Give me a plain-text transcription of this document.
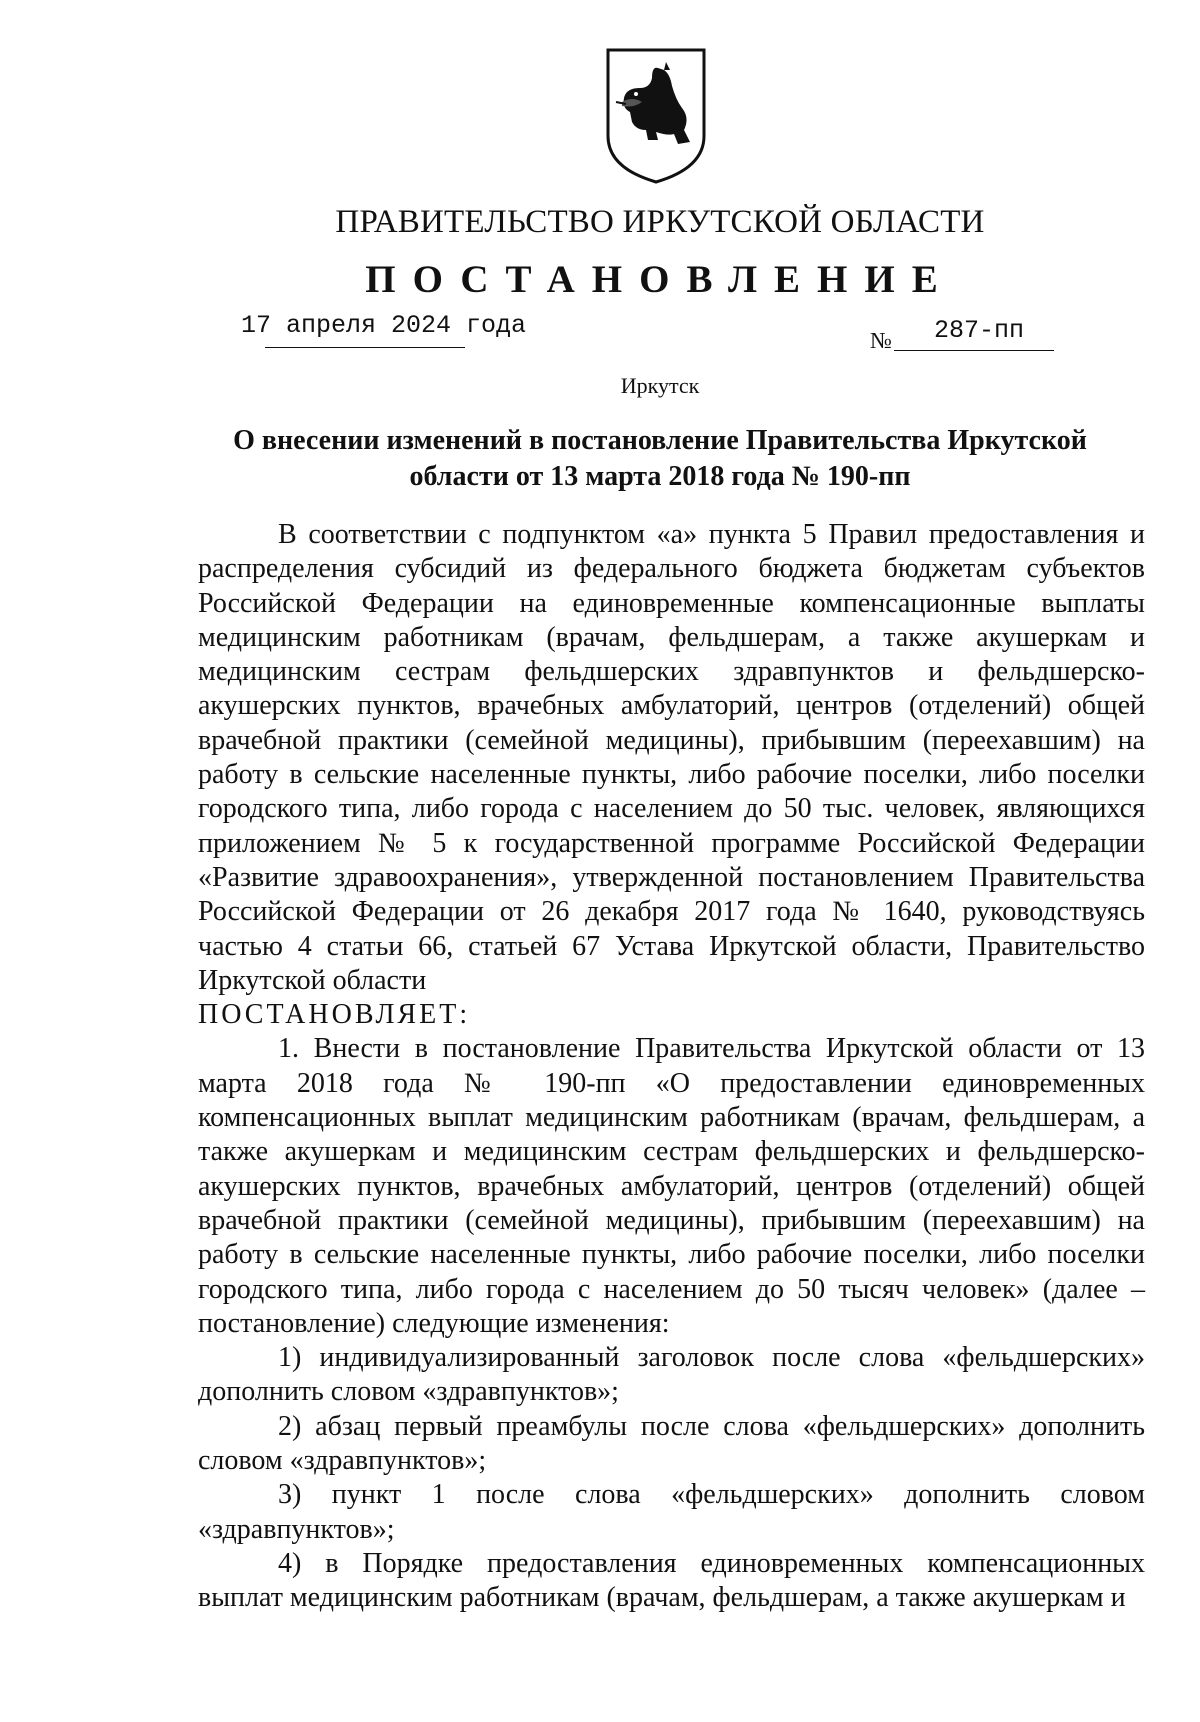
ПРАВИТЕЛЬСТВО ИРКУТСКОЙ ОБЛАСТИ
ПОСТАНОВЛЕНИЕ
17 апреля 2024 года
№ 287-пп
Иркутск
О внесении изменений в постановление Правительства Иркутской
области от 13 марта 2018 года № 190-пп

В соответствии с подпунктом «а» пункта 5 Правил предоставления и распределения субсидий из федерального бюджета бюджетам субъектов Российской Федерации на единовременные компенсационные выплаты медицинским работникам (врачам, фельдшерам, а также акушеркам и медицинским сестрам фельдшерских здравпунктов и фельдшерско-акушерских пунктов, врачебных амбулаторий, центров (отделений) общей врачебной практики (семейной медицины), прибывшим (переехавшим) на работу в сельские населенные пункты, либо рабочие поселки, либо поселки городского типа, либо города с населением до 50 тыс. человек, являющихся приложением № 5 к государственной программе Российской Федерации «Развитие здравоохранения», утвержденной постановлением Правительства Российской Федерации от 26 декабря 2017 года № 1640, руководствуясь частью 4 статьи 66, статьей 67 Устава Иркутской области, Правительство Иркутской области

ПОСТАНОВЛЯЕТ:

1. Внести в постановление Правительства Иркутской области от 13 марта 2018 года № 190-пп «О предоставлении единовременных компенсационных выплат медицинским работникам (врачам, фельдшерам, а также акушеркам и медицинским сестрам фельдшерских и фельдшерско-акушерских пунктов, врачебных амбулаторий, центров (отделений) общей врачебной практики (семейной медицины), прибывшим (переехавшим) на работу в сельские населенные пункты, либо рабочие поселки, либо поселки городского типа, либо города с населением до 50 тысяч человек» (далее – постановление) следующие изменения:

1) индивидуализированный заголовок после слова «фельдшерских» дополнить словом «здравпунктов»;

2) абзац первый преамбулы после слова «фельдшерских» дополнить словом «здравпунктов»;

3) пункт 1 после слова «фельдшерских» дополнить словом «здравпунктов»;

4) в Порядке предоставления единовременных компенсационных выплат медицинским работникам (врачам, фельдшерам, а также акушеркам и
